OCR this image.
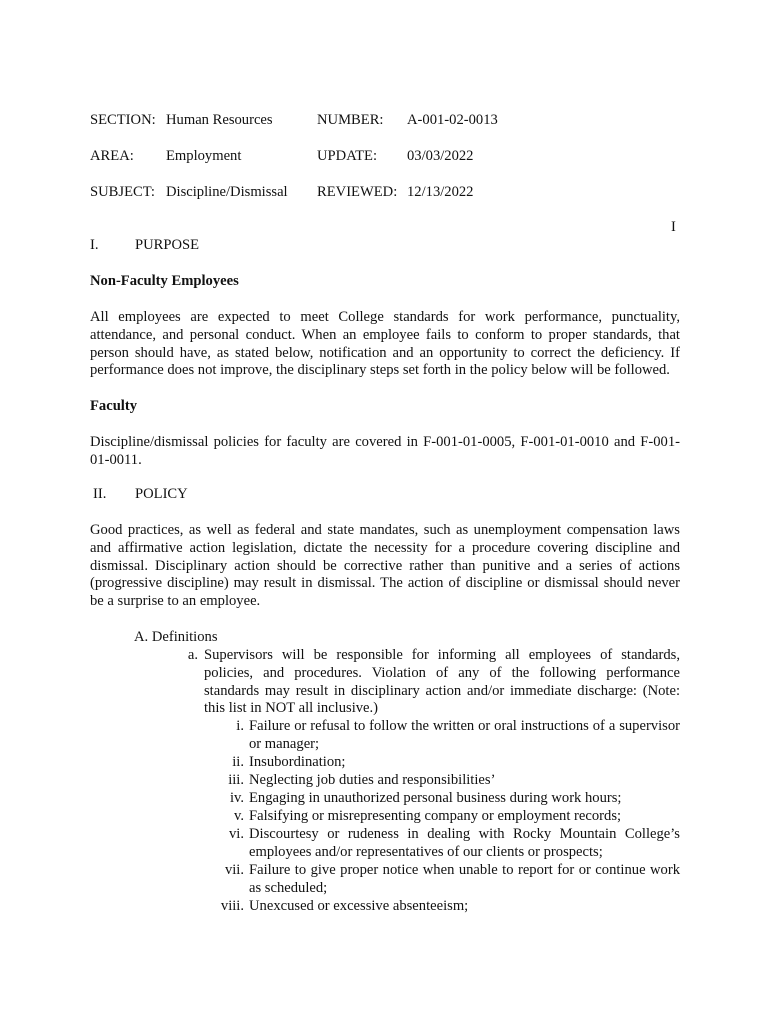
SECTION: Human Resources	NUMBER: A-001-02-0013
AREA: Employment	UPDATE: 03/03/2022
SUBJECT: Discipline/Dismissal REVIEWED: 12/13/2022
I
I. PURPOSE
Non-Faculty Employees
All employees are expected to meet College standards for work performance, punctuality, attendance, and personal conduct. When an employee fails to conform to proper standards, that person should have, as stated below, notification and an opportunity to correct the deficiency. If performance does not improve, the disciplinary steps set forth in the policy below will be followed.
Faculty
Discipline/dismissal policies for faculty are covered in F-001-01-0005, F-001-01-0010 and F-001-01-0011.
II. POLICY
Good practices, as well as federal and state mandates, such as unemployment compensation laws and affirmative action legislation, dictate the necessity for a procedure covering discipline and dismissal. Disciplinary action should be corrective rather than punitive and a series of actions (progressive discipline) may result in dismissal. The action of discipline or dismissal should never be a surprise to an employee.
A. Definitions
a. Supervisors will be responsible for informing all employees of standards, policies, and procedures. Violation of any of the following performance standards may result in disciplinary action and/or immediate discharge: (Note: this list in NOT all inclusive.)
i. Failure or refusal to follow the written or oral instructions of a supervisor or manager;
ii. Insubordination;
iii. Neglecting job duties and responsibilities’
iv. Engaging in unauthorized personal business during work hours;
v. Falsifying or misrepresenting company or employment records;
vi. Discourtesy or rudeness in dealing with Rocky Mountain College’s employees and/or representatives of our clients or prospects;
vii. Failure to give proper notice when unable to report for or continue work as scheduled;
viii. Unexcused or excessive absenteeism;
